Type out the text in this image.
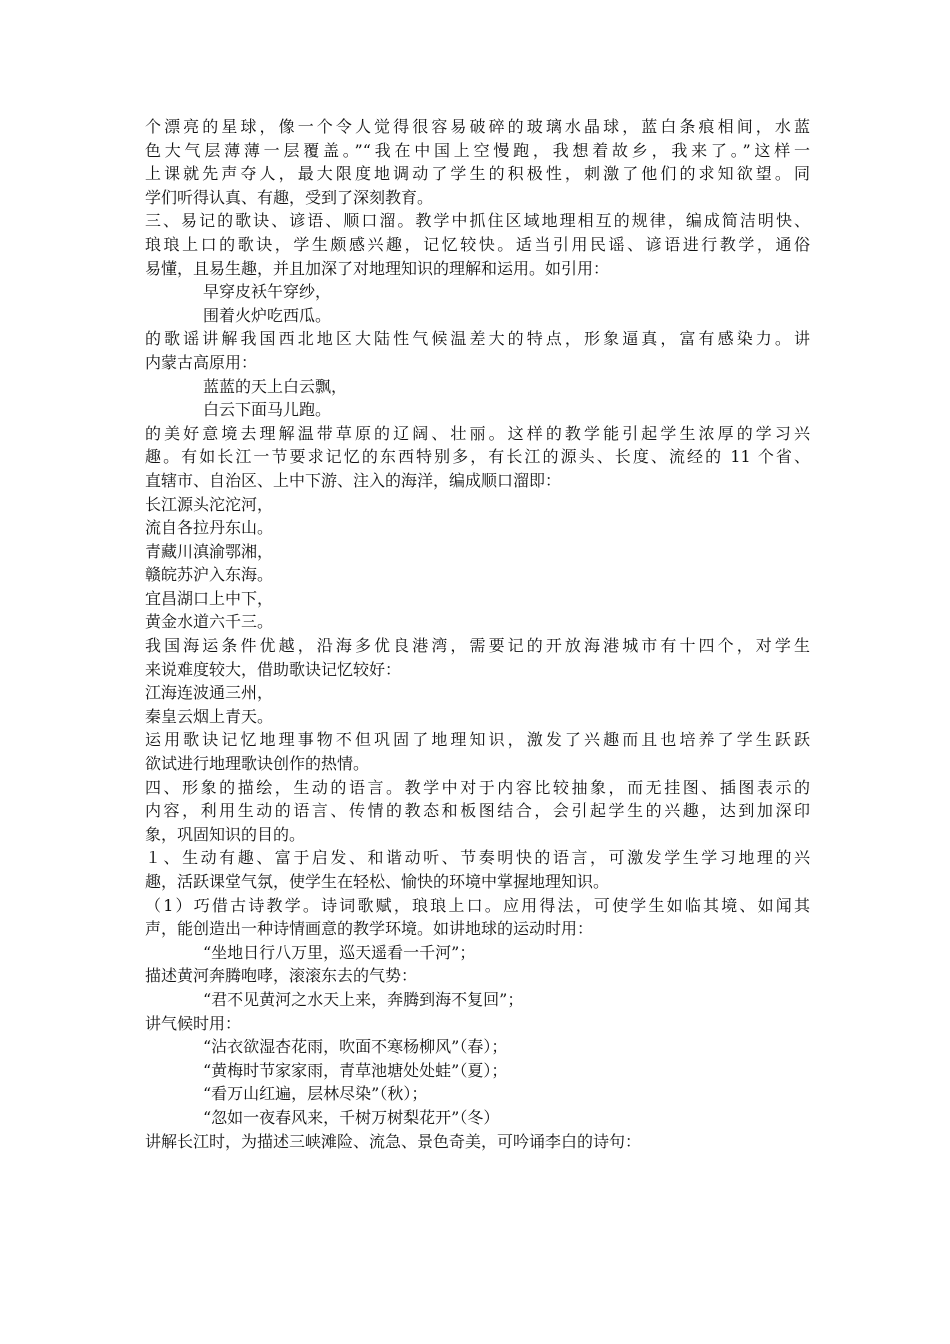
个漂亮的星球，像一个令人觉得很容易破碎的玻璃水晶球，蓝白条痕相间，水蓝
色大气层薄薄一层覆盖。”“我在中国上空慢跑，我想着故乡，我来了。”这样一
上课就先声夺人，最大限度地调动了学生的积极性，刺激了他们的求知欲望。同
学们听得认真、有趣，受到了深刻教育。
三、易记的歌诀、谚语、顺口溜。教学中抓住区域地理相互的规律，编成简洁明快、
琅琅上口的歌诀，学生颇感兴趣，记忆较快。适当引用民谣、谚语进行教学，通俗
易懂，且易生趣，并且加深了对地理知识的理解和运用。如引用：
早穿皮袄午穿纱，
围着火炉吃西瓜。
的歌谣讲解我国西北地区大陆性气候温差大的特点，形象逼真，富有感染力。讲
内蒙古高原用：
蓝蓝的天上白云飘，
白云下面马儿跑。
的美好意境去理解温带草原的辽阔、壮丽。这样的教学能引起学生浓厚的学习兴
趣。有如长江一节要求记忆的东西特别多，有长江的源头、长度、流经的 11 个省、
直辖市、自治区、上中下游、注入的海洋，编成顺口溜即：
长江源头沱沱河，
流自各拉丹东山。
青藏川滇渝鄂湘，
赣皖苏沪入东海。
宜昌湖口上中下，
黄金水道六千三。
我国海运条件优越，沿海多优良港湾，需要记的开放海港城市有十四个，对学生
来说难度较大，借助歌诀记忆较好：
江海连波通三州，
秦皇云烟上青天。
运用歌诀记忆地理事物不但巩固了地理知识，激发了兴趣而且也培养了学生跃跃
欲试进行地理歌诀创作的热情。
四、形象的描绘，生动的语言。教学中对于内容比较抽象，而无挂图、插图表示的
内容，利用生动的语言、传情的教态和板图结合，会引起学生的兴趣，达到加深印
象，巩固知识的目的。
１、生动有趣、富于启发、和谐动听、节奏明快的语言，可激发学生学习地理的兴
趣，活跃课堂气氛，使学生在轻松、愉快的环境中掌握地理知识。
（1）巧借古诗教学。诗词歌赋，琅琅上口。应用得法，可使学生如临其境、如闻其
声，能创造出一种诗情画意的教学环境。如讲地球的运动时用：
“坐地日行八万里，巡天遥看一千河”；
描述黄河奔腾咆哮，滚滚东去的气势：
“君不见黄河之水天上来，奔腾到海不复回”；
讲气候时用：
“沾衣欲湿杏花雨，吹面不寒杨柳风”（春）；
“黄梅时节家家雨，青草池塘处处蛙”（夏）；
“看万山红遍，层林尽染”（秋）；
“忽如一夜春风来，千树万树梨花开”（冬）
讲解长江时，为描述三峡滩险、流急、景色奇美，可吟诵李白的诗句：
